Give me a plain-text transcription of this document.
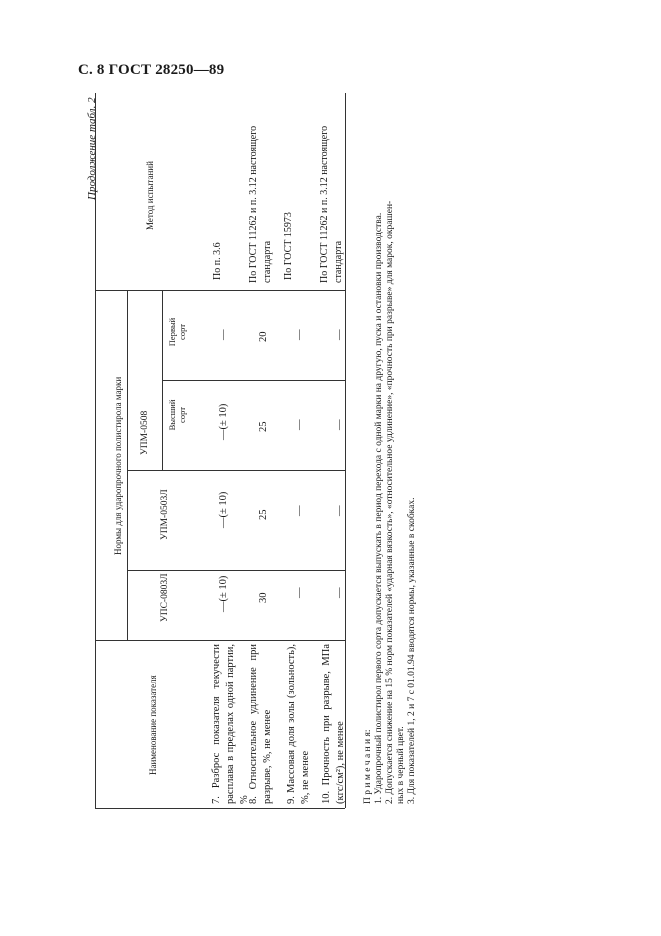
С. 8 ГОСТ 28250—89
Наименование показателя
Нормы для ударопрочного полистирола марки
УПС-0803Л
УПМ-0503Л
УПМ-0508 Высший сорт
Первый сорт
Метод испытаний
7. Разброс показателя текучести расплава в пределах одной партии, %
—(± 10)
—(± 10)
—(± 10)
—
По п. 3.6
8. Относительное удлинение при разрыве, %, не менее
30
25
25
20
По ГОСТ 11262 и п. 3.12 настоящего стандарта
9. Массовая доля золы (зольность), %, не менее
—
—
—
—
По ГОСТ 15973
10. Прочность при разрыве, МПа (кгс/см²), не менее
—
—
—
—
По ГОСТ 11262 и п. 3.12 настоящего стандарта
П р и м е ч а н и я: 1. Ударопрочный полистирол первого сорта допускается выпускать в период перехода с одной марки на другую, пуска и остановки производства. 2. Допускается снижение на 15 % норм показателей «ударная вязкость», «относительное удлинение», «прочность при разрыве» для марок, окрашен- ных в черный цвет. 3. Для показателей 1, 2 и 7 с 01.01.94 вводятся нормы, указанные в скобках.
Продолжение табл. 2
